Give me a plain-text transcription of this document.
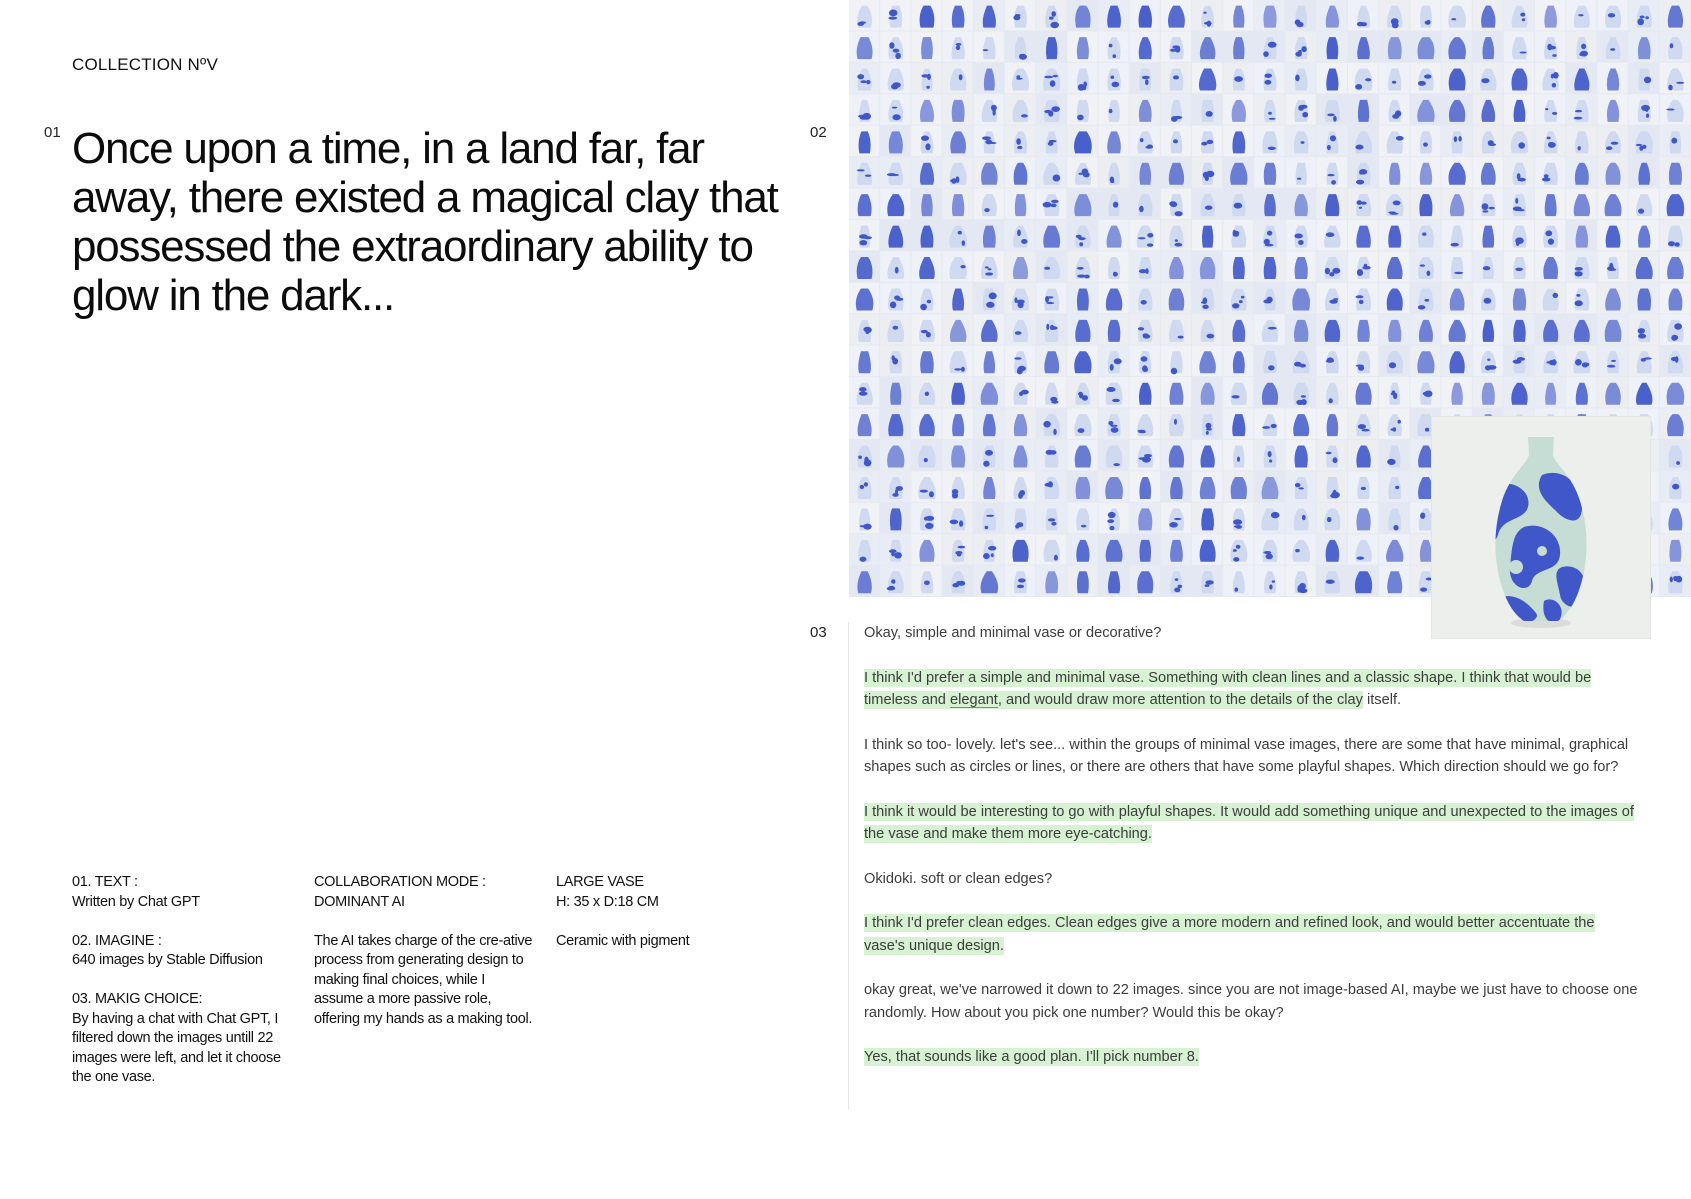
COLLECTION NºV
01 Once upon a time, in a land far, far away, there existed a magical clay that possessed the extraordinary ability to glow in the dark...

01. TEXT :
Written by Chat GPT

02. IMAGINE :
640 images by Stable Diffusion

03. MAKIG CHOICE:
By having a chat with Chat GPT, I filtered down the images untill 22 images were left, and let it choose the one vase.

COLLABORATION MODE :
DOMINANT AI

The AI takes charge of the cre-ative process from generating design to making final choices, while I assume a more passive role, offering my hands as a making tool.

LARGE VASE
H: 35 x D:18 CM

Ceramic with pigment

02
03	Okay, simple and minimal vase or decorative?

I think I'd prefer a simple and minimal vase. Something with clean lines and a classic shape. I think that would be timeless and elegant, and would draw more attention to the details of the clay itself.

I think so too- lovely. let's see... within the groups of minimal vase images, there are some that have minimal, graphical shapes such as circles or lines, or there are others that have some playful shapes. Which direction should we go for?

I think it would be interesting to go with playful shapes. It would add something unique and unexpected to the images of the vase and make them more eye-catching.

Okidoki. soft or clean edges?

I think I'd prefer clean edges. Clean edges give a more modern and refined look, and would better accentuate the vase's unique design.

okay great, we've narrowed it down to 22 images. since you are not image-based AI, maybe we just have to choose one randomly. How about you pick one number? Would this be okay?

Yes, that sounds like a good plan. I'll pick number 8.
